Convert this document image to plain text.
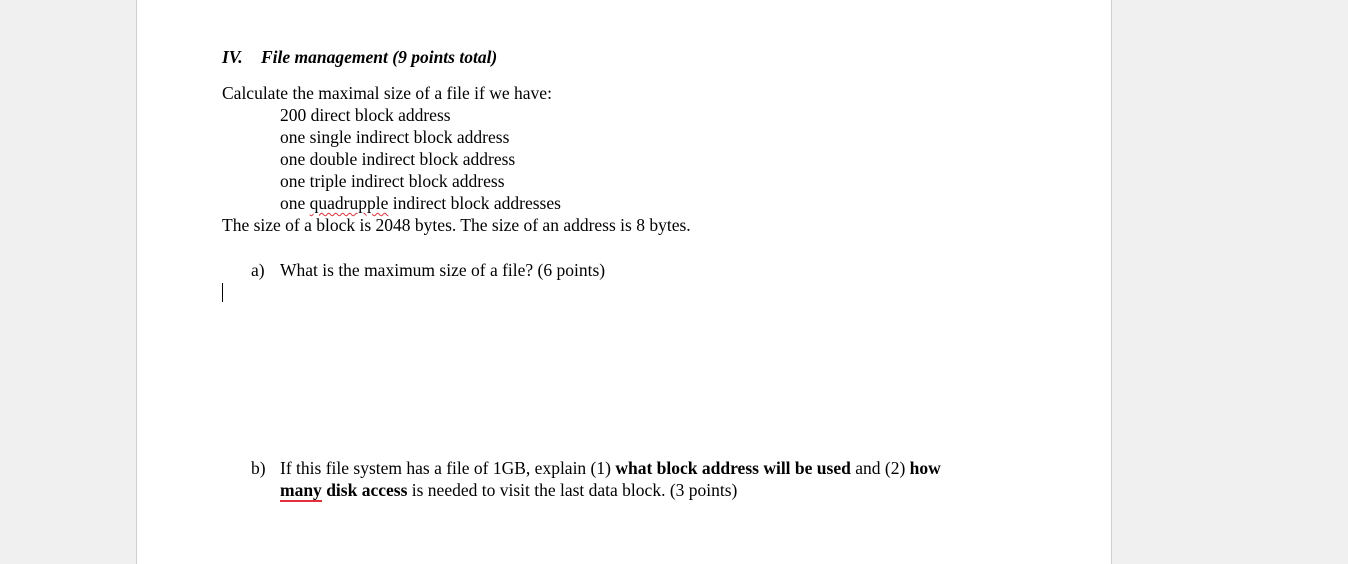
IV. File management (9 points total)
Calculate the maximal size of a file if we have:
200 direct block address
one single indirect block address
one double indirect block address
one triple indirect block address
one quadrupple indirect block addresses
The size of a block is 2048 bytes. The size of an address is 8 bytes.
a) What is the maximum size of a file? (6 points)
b) If this file system has a file of 1GB, explain (1) what block address will be used and (2) how
many disk access is needed to visit the last data block. (3 points)
